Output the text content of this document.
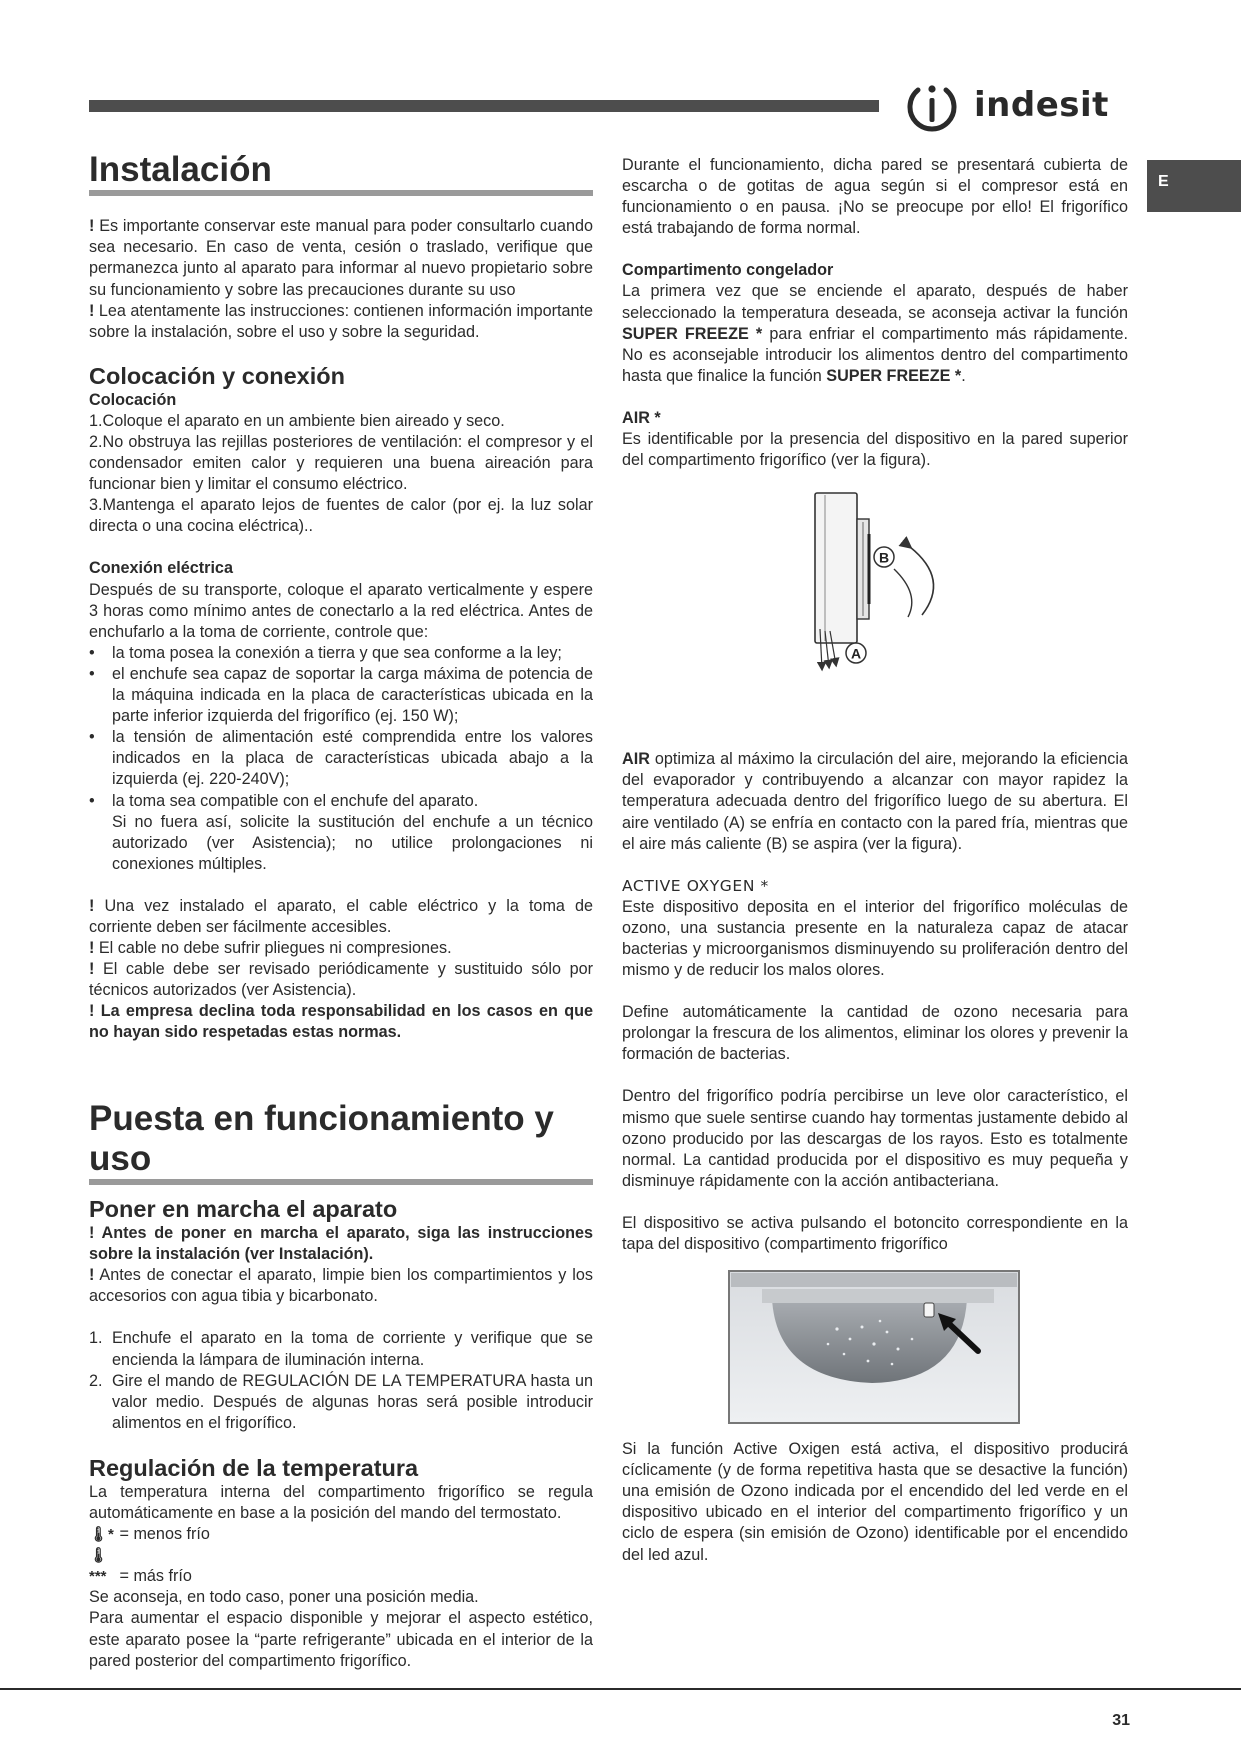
indesit
E
Instalación

! Es importante conservar este manual para poder consultarlo cuando sea necesario. En caso de venta, cesión o traslado, verifique que permanezca junto al aparato para informar al nuevo propietario sobre su funcionamiento y sobre las precauciones durante su uso

! Lea atentamente las instrucciones: contienen información importante sobre la instalación, sobre el uso y sobre la seguridad.

Colocación y conexión
Colocación

1.Coloque el aparato en un ambiente bien aireado y seco.

2.No obstruya las rejillas posteriores de ventilación: el compresor y el condensador emiten calor y requieren una buena aireación para funcionar bien y limitar el consumo eléctrico.

3.Mantenga el aparato lejos de fuentes de calor (por ej. la luz solar directa o una cocina eléctrica)..

Conexión eléctrica

Después de su transporte, coloque el aparato verticalmente y espere 3 horas como mínimo antes de conectarlo a la red eléctrica. Antes de enchufarlo a la toma de corriente, controle que:

• la toma posea la conexión a tierra y que sea conforme a la ley;
• el enchufe sea capaz de soportar la carga máxima de potencia de la máquina indicada en la placa de características ubicada en la parte inferior izquierda del frigorífico (ej. 150 W);
• la tensión de alimentación esté comprendida entre los valores indicados en la placa de características ubicada abajo a la izquierda (ej. 220-240V);
• la toma sea compatible con el enchufe del aparato.
Si no fuera así, solicite la sustitución del enchufe a un técnico autorizado (ver Asistencia); no utilice prolongaciones ni conexiones múltiples.

! Una vez instalado el aparato, el cable eléctrico y la toma de corriente deben ser fácilmente accesibles.

! El cable no debe sufrir pliegues ni compresiones.

! El cable debe ser revisado periódicamente y sustituido sólo por técnicos autorizados (ver Asistencia).

! La empresa declina toda responsabilidad en los casos en que no hayan sido respetadas estas normas.

Puesta en funcionamiento y uso
Poner en marcha el aparato

! Antes de poner en marcha el aparato, siga las instrucciones sobre la instalación (ver Instalación).

! Antes de conectar el aparato, limpie bien los compartimientos y los accesorios con agua tibia y bicarbonato.

1. Enchufe el aparato en la toma de corriente y verifique que se encienda la lámpara de iluminación interna.
2. Gire el mando de REGULACIÓN DE LA TEMPERATURA hasta un valor medio. Después de algunas horas será posible introducir alimentos en el frigorífico.
Regulación de la temperatura

La temperatura interna del compartimento frigorífico se regula automáticamente en base a la posición del mando del termostato.

🌡* = menos frío

🌡*** = más frío

Se aconseja, en todo caso, poner una posición media.

Para aumentar el espacio disponible y mejorar el aspecto estético, este aparato posee la “parte refrigerante” ubicada en el interior de la pared posterior del compartimento frigorífico.

Durante el funcionamiento, dicha pared se presentará cubierta de escarcha o de gotitas de agua según si el compresor está en funcionamiento o en pausa. ¡No se preocupe por ello! El frigorífico está trabajando de forma normal.

Compartimento congelador

La primera vez que se enciende el aparato, después de haber seleccionado la temperatura deseada, se aconseja activar la función SUPER FREEZE * para enfriar el compartimento más rápidamente. No es aconsejable introducir los alimentos dentro del compartimento hasta que finalice la función SUPER FREEZE *.

AIR *

Es identificable por la presencia del dispositivo en la pared superior del compartimento frigorífico (ver la figura).

B
A

AIR optimiza al máximo la circulación del aire, mejorando la eficiencia del evaporador y contribuyendo a alcanzar con mayor rapidez la temperatura adecuada dentro del frigorífico luego de su abertura. El aire ventilado (A) se enfría en contacto con la pared fría, mientras que el aire más caliente (B) se aspira (ver la figura).

ACTIVE OXYGEN *

Este dispositivo deposita en el interior del frigorífico moléculas de ozono, una sustancia presente en la naturaleza capaz de atacar bacterias y microorganismos disminuyendo su proliferación dentro del mismo y de reducir los malos olores.

Define automáticamente la cantidad de ozono necesaria para prolongar la frescura de los alimentos, eliminar los olores y prevenir la formación de bacterias.

Dentro del frigorífico podría percibirse un leve olor característico, el mismo que suele sentirse cuando hay tormentas justamente debido al ozono producido por las descargas de los rayos. Esto es totalmente normal. La cantidad producida por el dispositivo es muy pequeña y disminuye rápidamente con la acción antibacteriana.

El dispositivo se activa pulsando el botoncito correspondiente en la tapa del dispositivo (compartimento frigorífico

Si la función Active Oxigen está activa, el dispositivo producirá cíclicamente (y de forma repetitiva hasta que se desactive la función) una emisión de Ozono indicada por el encendido del led verde en el dispositivo ubicado en el interior del compartimento frigorífico y un ciclo de espera (sin emisión de Ozono) identificable por el encendido del led azul.

31
